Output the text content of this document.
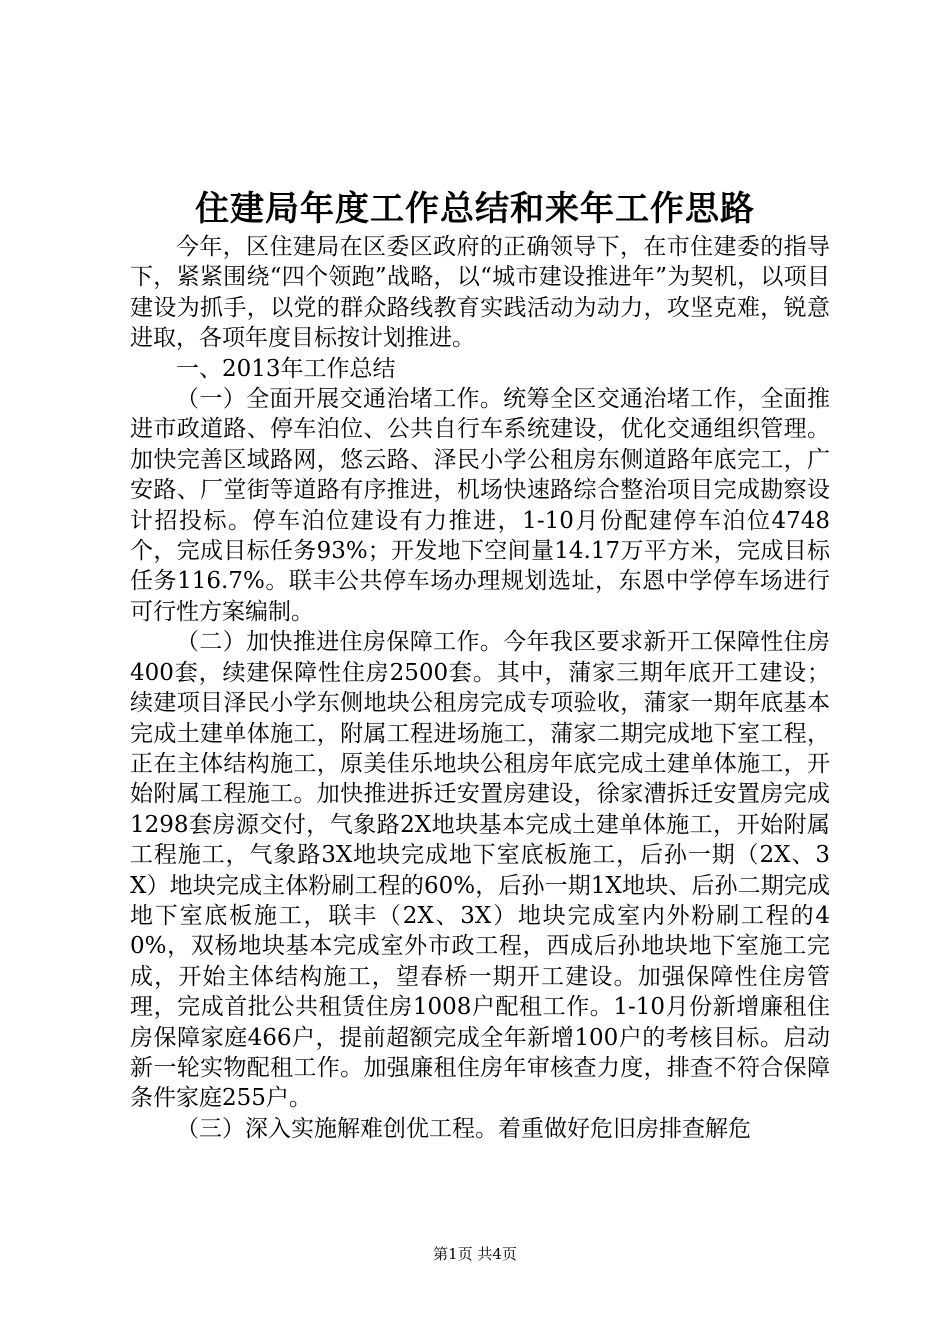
住建局年度工作总结和来年工作思路

今年，区住建局在区委区政府的正确领导下，在市住建委的指导下，紧紧围绕“四个领跑”战略，以“城市建设推进年”为契机，以项目建设为抓手，以党的群众路线教育实践活动为动力，攻坚克难，锐意进取，各项年度目标按计划推进。

一、2013年工作总结

（一）全面开展交通治堵工作。统筹全区交通治堵工作，全面推进市政道路、停车泊位、公共自行车系统建设，优化交通组织管理。加快完善区域路网，悠云路、泽民小学公租房东侧道路年底完工，广安路、厂堂街等道路有序推进，机场快速路综合整治项目完成勘察设计招投标。停车泊位建设有力推进，1-10月份配建停车泊位4748个，完成目标任务93%；开发地下空间量14.17万平方米，完成目标任务116.7%。联丰公共停车场办理规划选址，东恩中学停车场进行可行性方案编制。

（二）加快推进住房保障工作。今年我区要求新开工保障性住房400套，续建保障性住房2500套。其中，蒲家三期年底开工建设；续建项目泽民小学东侧地块公租房完成专项验收，蒲家一期年底基本完成土建单体施工，附属工程进场施工，蒲家二期完成地下室工程，正在主体结构施工，原美佳乐地块公租房年底完成土建单体施工，开始附属工程施工。加快推进拆迁安置房建设，徐家漕拆迁安置房完成1298套房源交付，气象路2X地块基本完成土建单体施工，开始附属工程施工，气象路3X地块完成地下室底板施工，后孙一期（2X、3X）地块完成主体粉刷工程的60%，后孙一期1X地块、后孙二期完成地下室底板施工，联丰（2X、3X）地块完成室内外粉刷工程的40%，双杨地块基本完成室外市政工程，西成后孙地块地下室施工完成，开始主体结构施工，望春桥一期开工建设。加强保障性住房管理，完成首批公共租赁住房1008户配租工作。1-10月份新增廉租住房保障家庭466户，提前超额完成全年新增100户的考核目标。启动新一轮实物配租工作。加强廉租住房年审核查力度，排查不符合保障条件家庭255户。

（三）深入实施解难创优工程。着重做好危旧房排查解危

第1页 共4页
